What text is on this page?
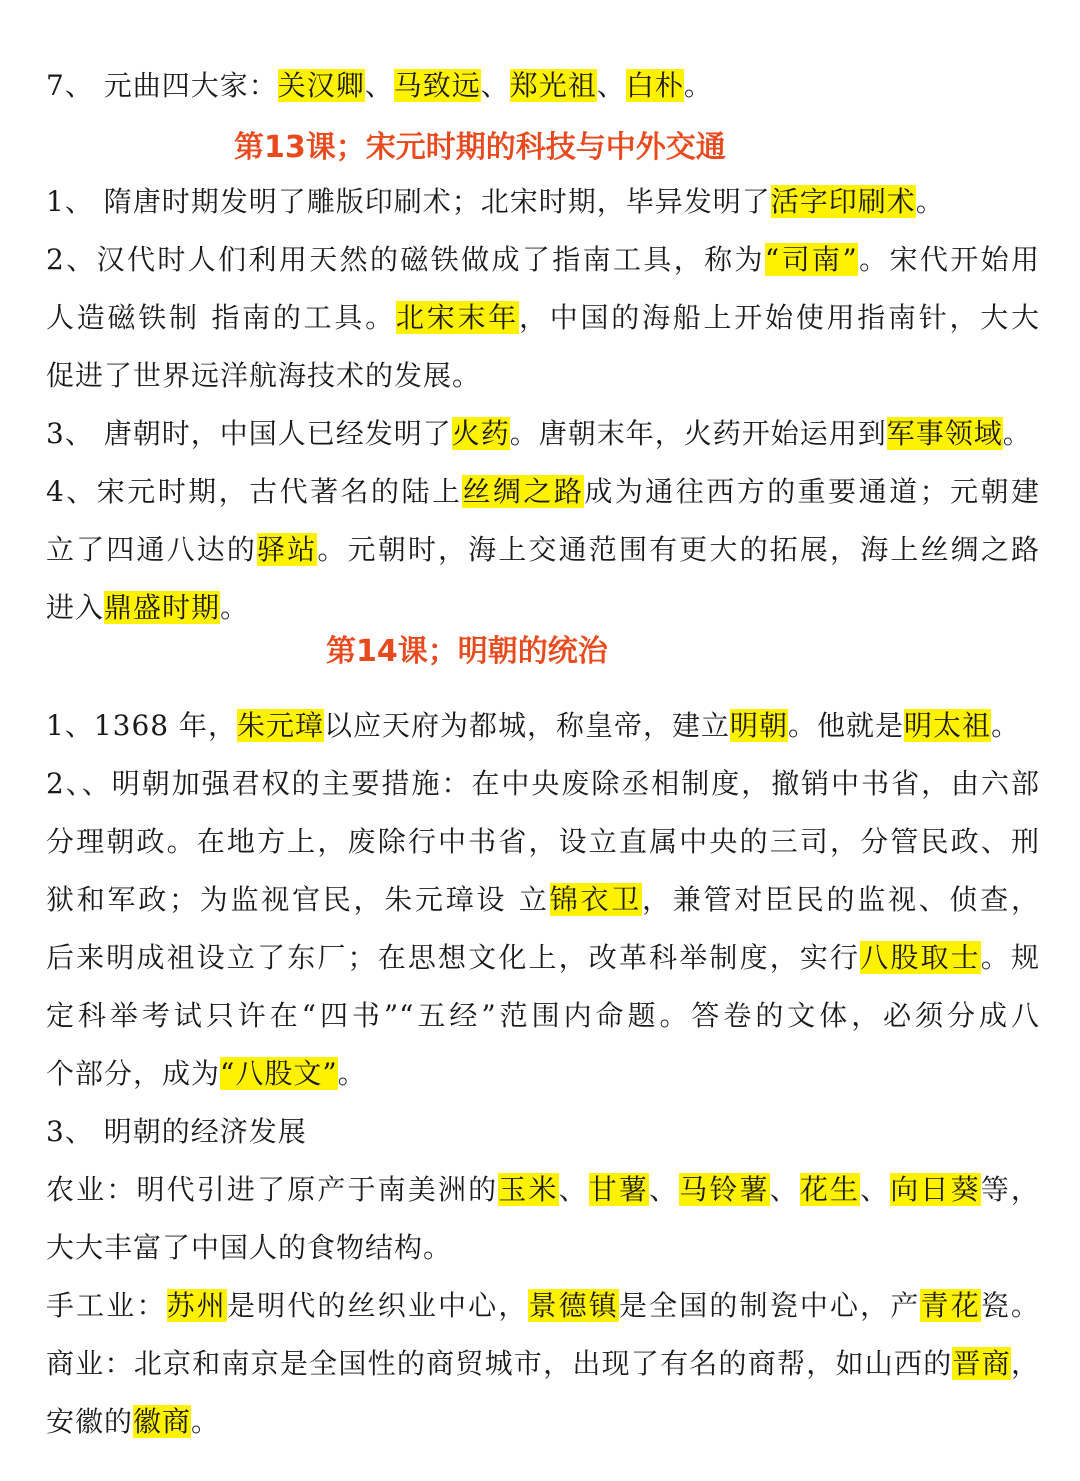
7、 元曲四大家：关汉卿、马致远、郑光祖、白朴。
第13课；宋元时期的科技与中外交通
1、 隋唐时期发明了雕版印刷术；北宋时期，毕异发明了活字印刷术。
2、汉代时人们利用天然的磁铁做成了指南工具，称为“司南”。宋代开始用
人造磁铁制 指南的工具。北宋末年，中国的海船上开始使用指南针，大大
促进了世界远洋航海技术的发展。
3、 唐朝时，中国人已经发明了火药。唐朝末年，火药开始运用到军事领域。
4、宋元时期，古代著名的陆上丝绸之路成为通往西方的重要通道；元朝建
立了四通八达的驿站。元朝时，海上交通范围有更大的拓展，海上丝绸之路
进入鼎盛时期。
第14课；明朝的统治
1、1368 年，朱元璋以应天府为都城，称皇帝，建立明朝。他就是明太祖。
2、、明朝加强君权的主要措施：在中央废除丞相制度，撤销中书省，由六部
分理朝政。在地方上，废除行中书省，设立直属中央的三司，分管民政、刑
狱和军政；为监视官民，朱元璋设 立锦衣卫，兼管对臣民的监视、侦查，
后来明成祖设立了东厂；在思想文化上，改革科举制度，实行八股取士。规
定科举考试只许在“四书”“五经”范围内命题。答卷的文体，必须分成八
个部分，成为“八股文”。
3、 明朝的经济发展
农业：明代引进了原产于南美洲的玉米、甘薯、马铃薯、花生、向日葵等，
大大丰富了中国人的食物结构。
手工业：苏州是明代的丝织业中心，景德镇是全国的制瓷中心，产青花瓷。
商业：北京和南京是全国性的商贸城市，出现了有名的商帮，如山西的晋商，
安徽的徽商。
